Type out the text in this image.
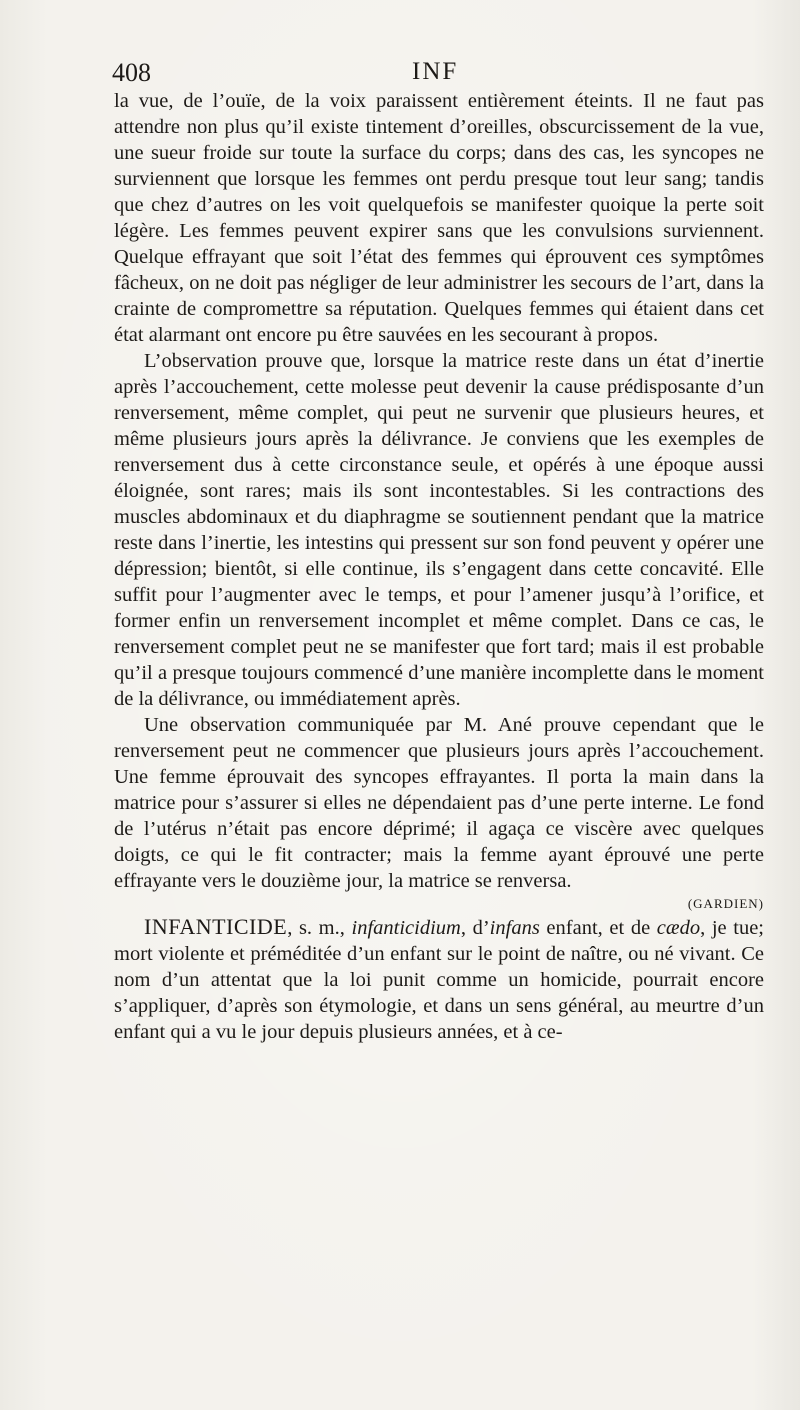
408	INF

la vue, de l’ouïe, de la voix paraissent entièrement éteints. Il ne faut pas attendre non plus qu’il existe tintement d’oreilles, obscurcissement de la vue, une sueur froide sur toute la surface du corps; dans des cas, les syncopes ne surviennent que lorsque les femmes ont perdu presque tout leur sang; tandis que chez d’autres on les voit quelquefois se manifester quoique la perte soit légère. Les femmes peuvent expirer sans que les convulsions surviennent. Quelque effrayant que soit l’état des femmes qui éprouvent ces symptômes fâcheux, on ne doit pas négliger de leur administrer les secours de l’art, dans la crainte de compromettre sa réputation. Quelques femmes qui étaient dans cet état alarmant ont encore pu être sauvées en les secourant à propos.

L’observation prouve que, lorsque la matrice reste dans un état d’inertie après l’accouchement, cette molesse peut devenir la cause prédisposante d’un renversement, même complet, qui peut ne survenir que plusieurs heures, et même plusieurs jours après la délivrance. Je conviens que les exemples de renversement dus à cette circonstance seule, et opérés à une époque aussi éloignée, sont rares; mais ils sont incontestables. Si les contractions des muscles abdominaux et du diaphragme se soutiennent pendant que la matrice reste dans l’inertie, les intestins qui pressent sur son fond peuvent y opérer une dépression; bientôt, si elle continue, ils s’engagent dans cette concavité. Elle suffit pour l’augmenter avec le temps, et pour l’amener jusqu’à l’orifice, et former enfin un renversement incomplet et même complet. Dans ce cas, le renversement complet peut ne se manifester que fort tard; mais il est probable qu’il a presque toujours commencé d’une manière incomplette dans le moment de la délivrance, ou immédiatement après.

Une observation communiquée par M. Ané prouve cependant que le renversement peut ne commencer que plusieurs jours après l’accouchement. Une femme éprouvait des syncopes effrayantes. Il porta la main dans la matrice pour s’assurer si elles ne dépendaient pas d’une perte interne. Le fond de l’utérus n’était pas encore déprimé; il agaça ce viscère avec quelques doigts, ce qui le fit contracter; mais la femme ayant éprouvé une perte effrayante vers le douzième jour, la matrice se renversa.

(GARDIEN)

INFANTICIDE, s. m., infanticidium, d’infans enfant, et de cædo, je tue; mort violente et préméditée d’un enfant sur le point de naître, ou né vivant. Ce nom d’un attentat que la loi punit comme un homicide, pourrait encore s’appliquer, d’après son étymologie, et dans un sens général, au meurtre d’un enfant qui a vu le jour depuis plusieurs années, et à ce-
